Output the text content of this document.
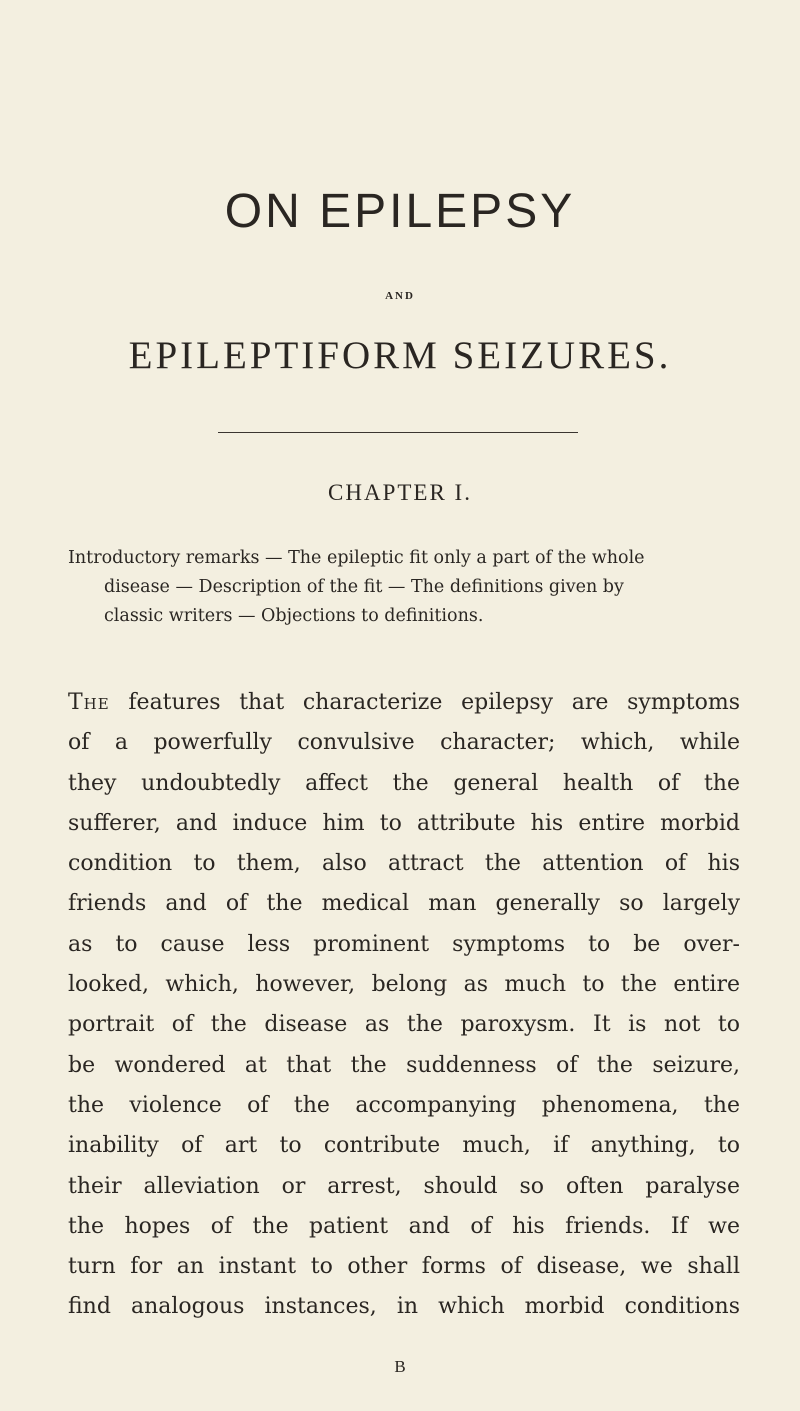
ON EPILEPSY
AND
EPILEPTIFORM SEIZURES.
CHAPTER I.
Introductory remarks — The epileptic fit only a part of the whole
disease — Description of the fit — The definitions given by
classic writers — Objections to definitions.
The features that characterize epilepsy are symptoms
of a powerfully convulsive character; which, while
they undoubtedly affect the general health of the
sufferer, and induce him to attribute his entire morbid
condition to them, also attract the attention of his
friends and of the medical man generally so largely
as to cause less prominent symptoms to be over-
looked, which, however, belong as much to the entire
portrait of the disease as the paroxysm. It is not to
be wondered at that the suddenness of the seizure,
the violence of the accompanying phenomena, the
inability of art to contribute much, if anything, to
their alleviation or arrest, should so often paralyse
the hopes of the patient and of his friends. If we
turn for an instant to other forms of disease, we shall
find analogous instances, in which morbid conditions
B
